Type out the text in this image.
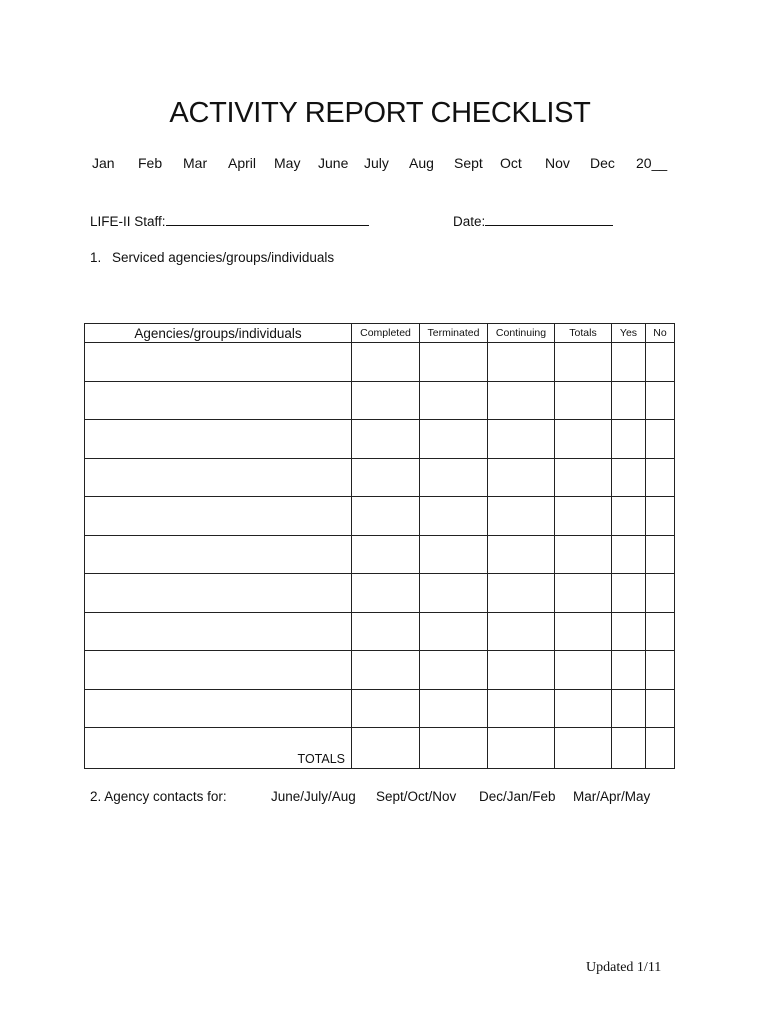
ACTIVITY REPORT CHECKLIST
Jan Feb Mar April May June July Aug Sept Oct Nov Dec 20__
LIFE-II Staff:	Date:
1. Serviced agencies/groups/individuals
Agencies/groups/individuals	Completed	Terminated	Continuing	Totals	Yes	No

TOTALS						
2. Agency contacts for:	June/July/Aug Sept/Oct/Nov Dec/Jan/Feb Mar/Apr/May
Updated 1/11
